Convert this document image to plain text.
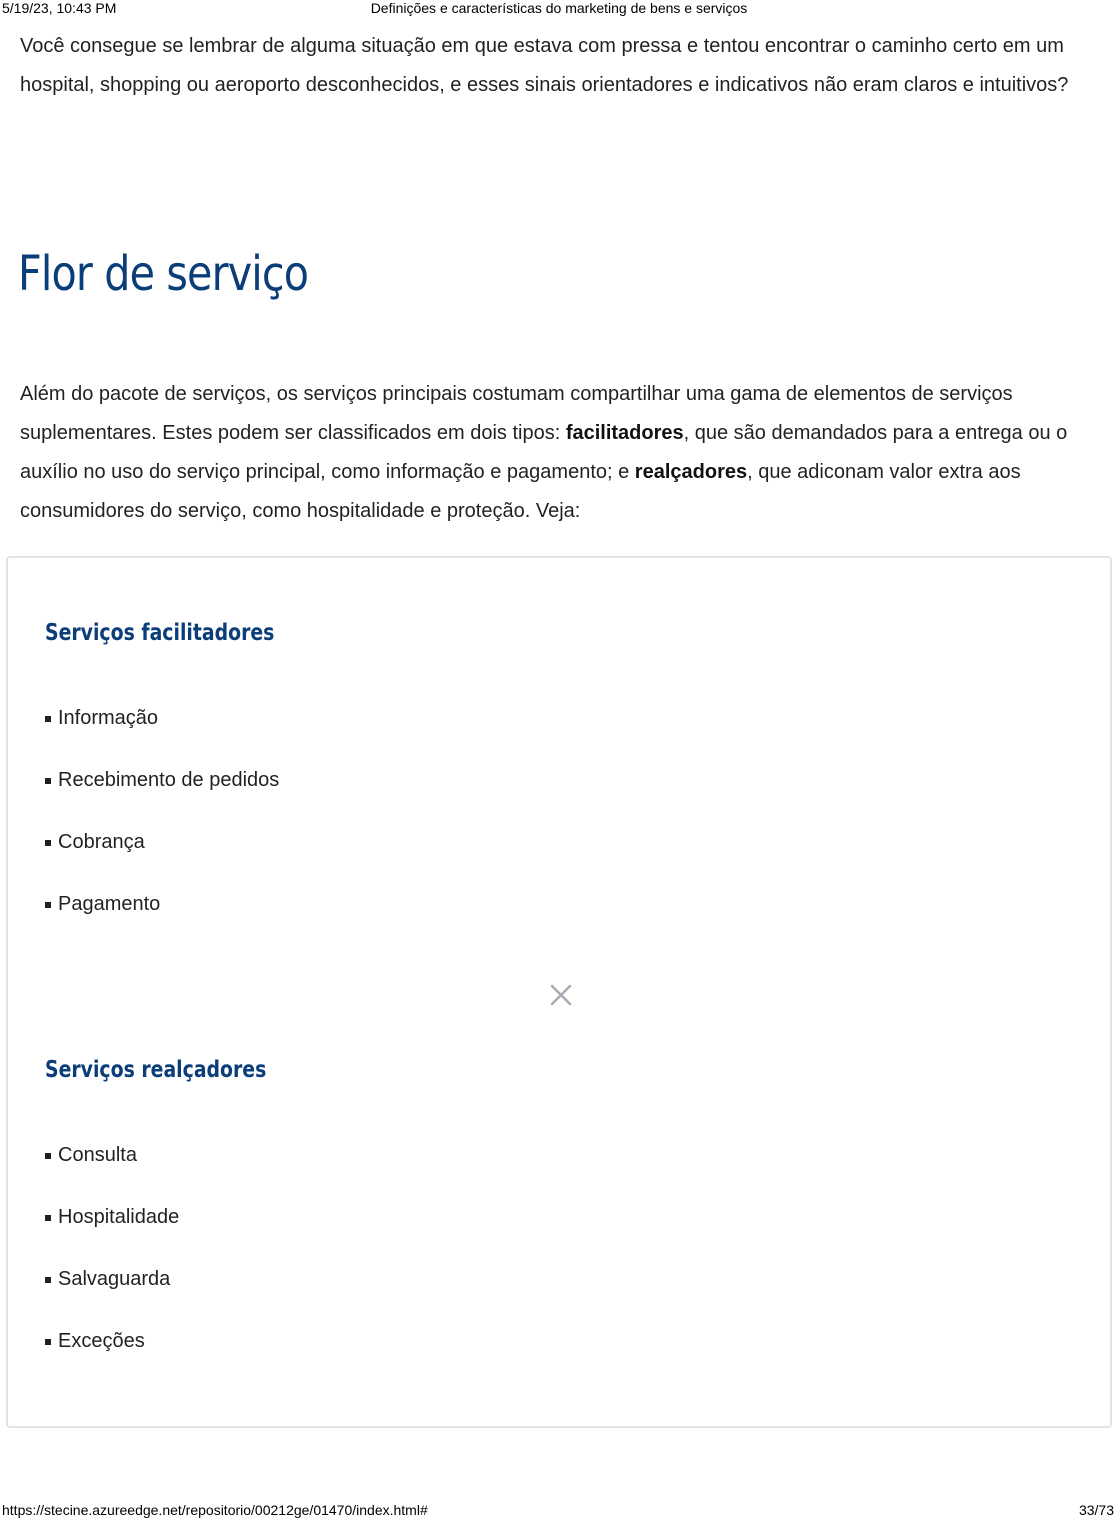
5/19/23, 10:43 PM	Definições e características do marketing de bens e serviços

Você consegue se lembrar de alguma situação em que estava com pressa e tentou encontrar o caminho certo em um hospital, shopping ou aeroporto desconhecidos, e esses sinais orientadores e indicativos não eram claros e intuitivos?

Flor de serviço

Além do pacote de serviços, os serviços principais costumam compartilhar uma gama de elementos de serviços suplementares. Estes podem ser classificados em dois tipos: facilitadores, que são demandados para a entrega ou o auxílio no uso do serviço principal, como informação e pagamento; e realçadores, que adiconam valor extra aos consumidores do serviço, como hospitalidade e proteção. Veja:

Serviços facilitadores
Informação
Recebimento de pedidos
Cobrança
Pagamento
Serviços realçadores
Consulta
Hospitalidade
Salvaguarda
Exceções
https://stecine.azureedge.net/repositorio/00212ge/01470/index.html#	33/73
